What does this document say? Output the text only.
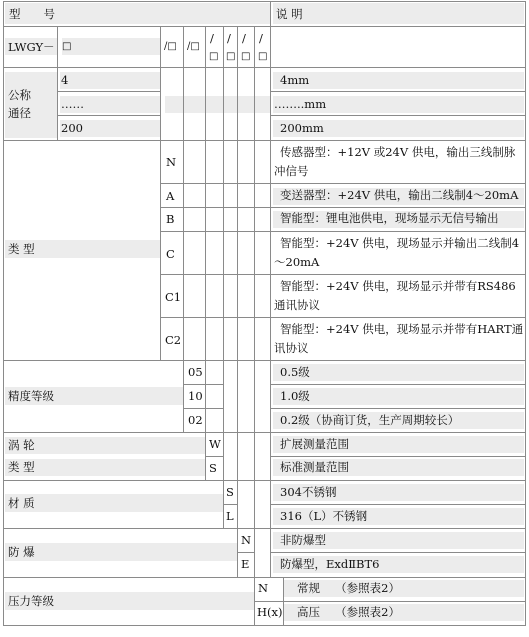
型　　号	说 明
LWGY－ □	/□ /□
/
□
/
□
/
□
/
□
公称
通径
4
……
200
4mm
……..mm
200mm
类 型
N
A
B
C
C1
C2
传感器型：+12V 或24V 供电，输出三线制脉冲信号
变送器型：+24V 供电，输出二线制4～20mA
智能型：锂电池供电，现场显示无信号输出
智能型：+24V 供电，现场显示并输出二线制4～20mA
智能型：+24V 供电，现场显示并带有RS486通讯协议
智能型：+24V 供电，现场显示并带有HART通讯协议
精度等级
05
10
02
0.5级
1.0级
0.2级（协商订货，生产周期较长）
涡 轮
类 型
W
S
扩展测量范围
标准测量范围
材 质
S
L
304不锈钢
316（L）不锈钢
防 爆
N
E
非防爆型
防爆型，ExdⅡBT6
压力等级
N
H(x)
常规　 （参照表2）
高压　 （参照表2）
